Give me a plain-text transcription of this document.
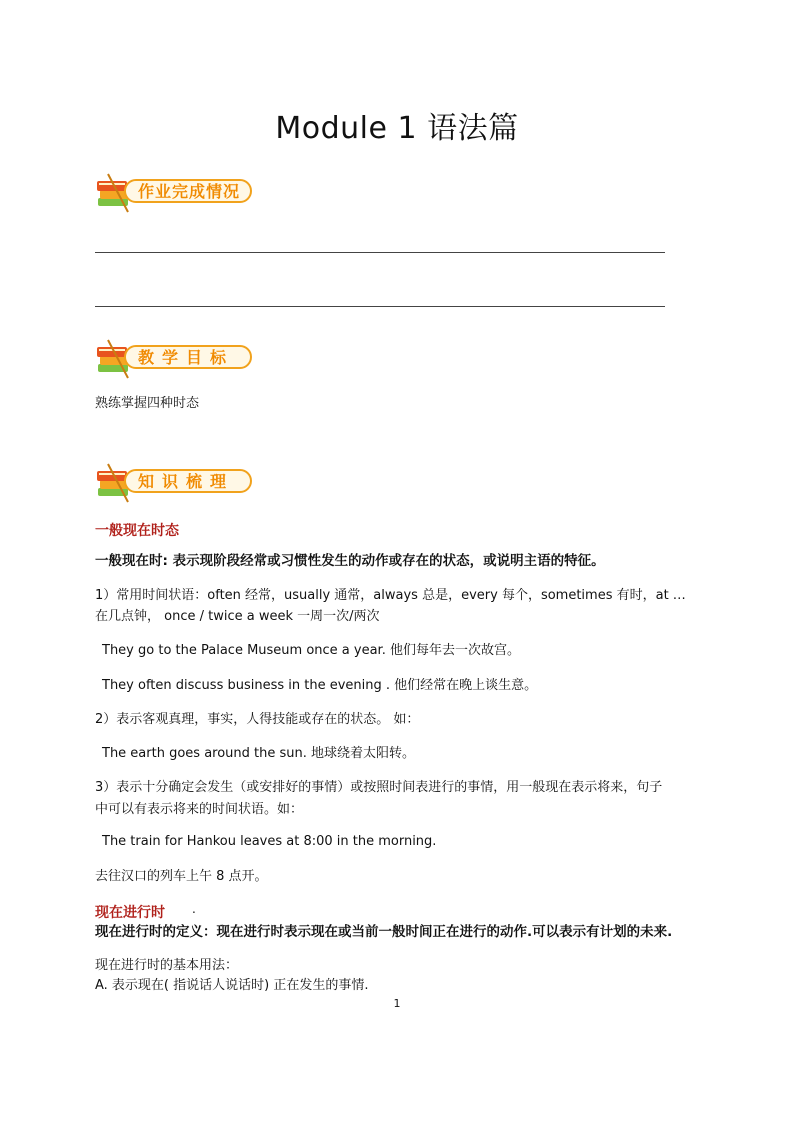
Module 1 语法篇
作业完成情况
教学目标
熟练掌握四种时态
知识梳理
一般现在时态
一般现在时: 表示现阶段经常或习惯性发生的动作或存在的状态，或说明主语的特征。
1）常用时间状语：often 经常，usually 通常，always 总是，every 每个，sometimes 有时，at …
在几点钟， once / twice a week 一周一次/两次
They go to the Palace Museum once a year. 他们每年去一次故宫。
They often discuss business in the evening . 他们经常在晚上谈生意。
2）表示客观真理，事实，人得技能或存在的状态。 如：
The earth goes around the sun. 地球绕着太阳转。
3）表示十分确定会发生（或安排好的事情）或按照时间表进行的事情，用一般现在表示将来，句子
中可以有表示将来的时间状语。如：
The train for Hankou leaves at 8:00 in the morning.
去往汉口的列车上午 8 点开。
现在进行时 .
现在进行时的定义：现在进行时表示现在或当前一般时间正在进行的动作.可以表示有计划的未来.
现在进行时的基本用法：
A. 表示现在( 指说话人说话时) 正在发生的事情.
1
